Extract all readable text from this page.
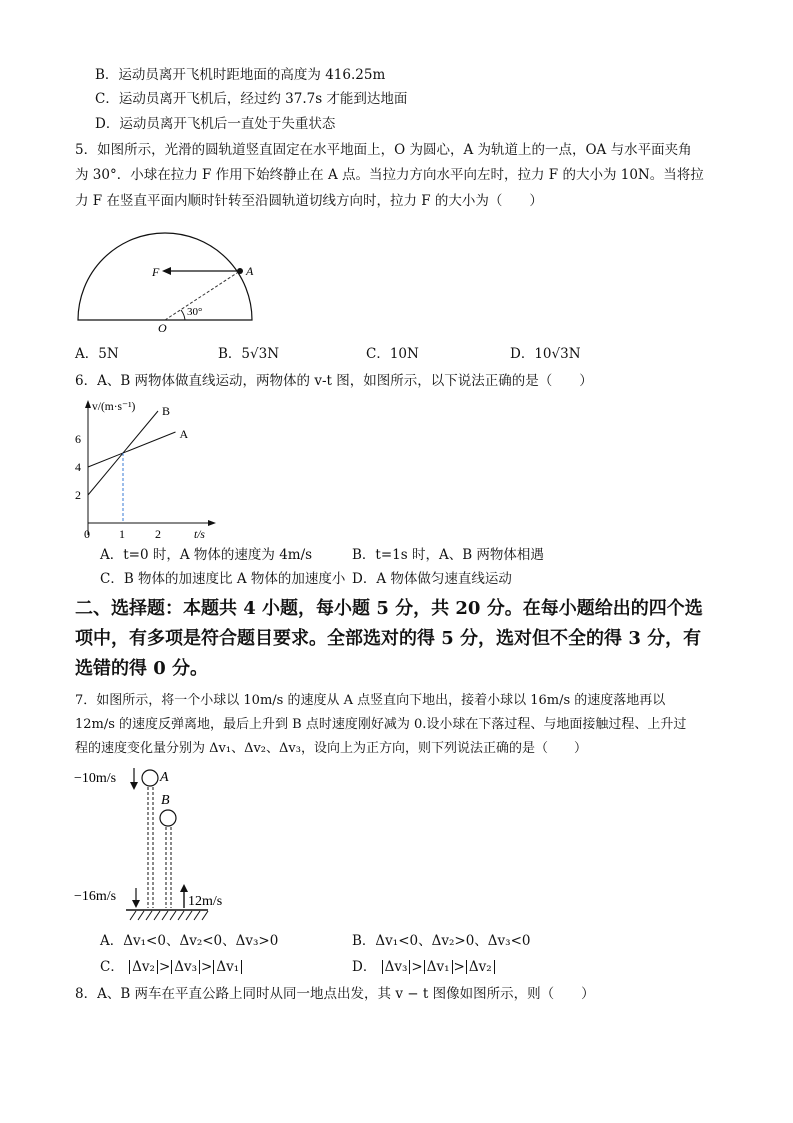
B．运动员离开飞机时距地面的高度为 416.25m
C．运动员离开飞机后，经过约 37.7s 才能到达地面
D．运动员离开飞机后一直处于失重状态
5．如图所示，光滑的圆轨道竖直固定在水平地面上，O 为圆心，A 为轨道上的一点，OA 与水平面夹角
为 30°．小球在拉力 F 作用下始终静止在 A 点。当拉力方向水平向左时，拉力 F 的大小为 10N。当将拉
力 F 在竖直平面内顺时针转至沿圆轨道切线方向时，拉力 F 的大小为（　　）
F	A
O
30°
A．5N	B．5√3N	C．10N	D．10√3N
6．A、B 两物体做直线运动，两物体的 v-t 图，如图所示，以下说法正确的是（　　）
v/(m·s⁻¹)
t/s
0 1	2
2
4
6	A
B
A．t=0 时，A 物体的速度为 4m/s	B．t=1s 时，A、B 两物体相遇
C．B 物体的加速度比 A 物体的加速度小 D．A 物体做匀速直线运动
二、选择题：本题共 4 小题，每小题 5 分，共 20 分。在每小题给出的四个选
项中，有多项是符合题目要求。全部选对的得 5 分，选对但不全的得 3 分，有
选错的得 0 分。
7．如图所示，将一个小球以 10m/s 的速度从 A 点竖直向下地出，接着小球以 16m/s 的速度落地再以
12m/s 的速度反弹离地，最后上升到 B 点时速度刚好减为 0.设小球在下落过程、与地面接触过程、上升过
程的速度变化量分别为 Δv₁、Δv₂、Δv₃，设向上为正方向，则下列说法正确的是（　　）
−10m/s	A
B
−16m/s	12m/s
A．Δv₁<0、Δv₂<0、Δv₃>0	B．Δv₁<0、Δv₂>0、Δv₃<0
C． Δv₂ > Δv₃ > Δv₁	D． Δv₃ > Δv₁ > Δv₂
8．A、B 两车在平直公路上同时从同一地点出发，其 v − t 图像如图所示，则（　　）
